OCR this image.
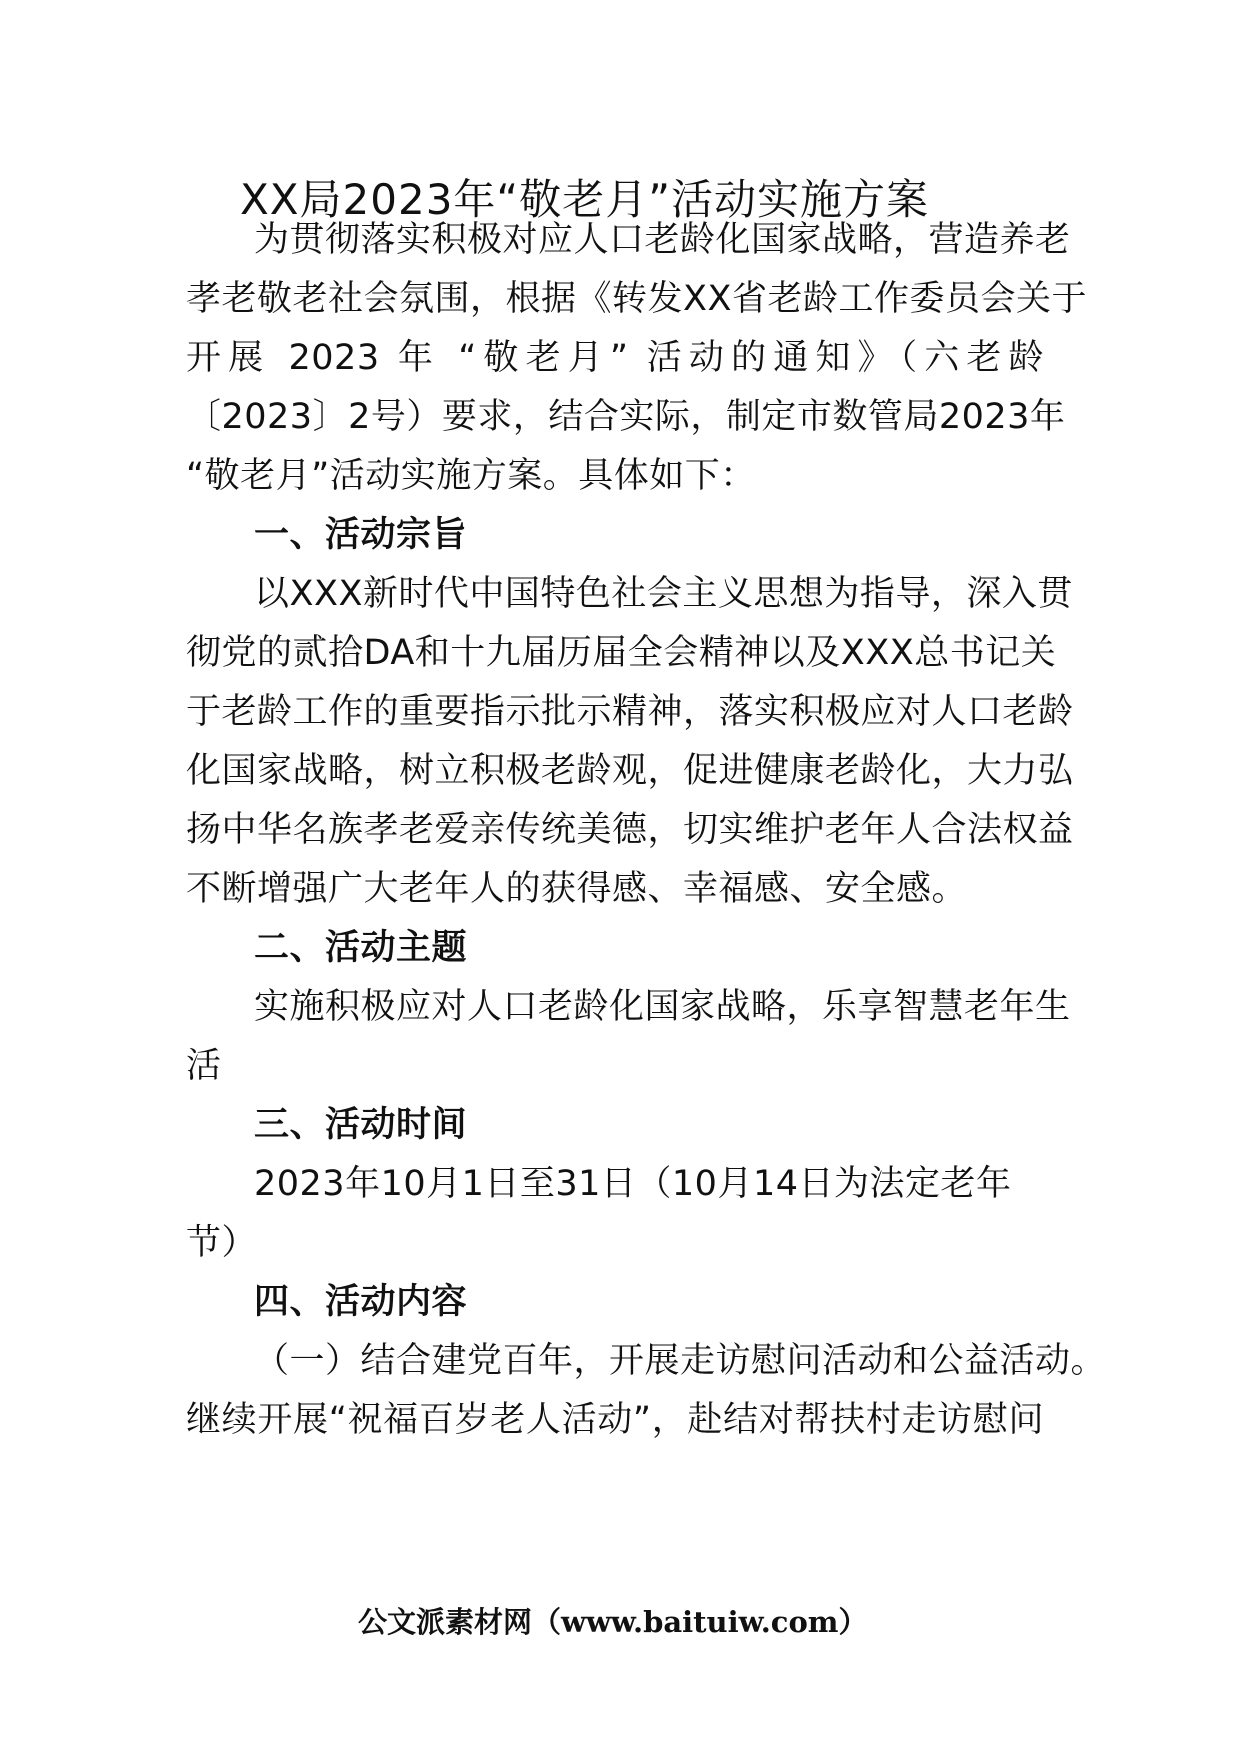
XX局2023年“敬老月”活动实施方案
为贯彻落实积极对应人口老龄化国家战略，营造养老
孝老敬老社会氛围，根据《转发XX省老龄工作委员会关于
开展 2023 年 “敬老月” 活动的通知》（六老龄
〔2023〕2号）要求，结合实际，制定市数管局2023年
“敬老月”活动实施方案。具体如下：
一、活动宗旨
以XXX新时代中国特色社会主义思想为指导，深入贯
彻党的贰拾DA和十九届历届全会精神以及XXX总书记关
于老龄工作的重要指示批示精神，落实积极应对人口老龄
化国家战略，树立积极老龄观，促进健康老龄化，大力弘
扬中华名族孝老爱亲传统美德，切实维护老年人合法权益
不断增强广大老年人的获得感、幸福感、安全感。
二、活动主题
实施积极应对人口老龄化国家战略，乐享智慧老年生
活
三、活动时间
2023年10月1日至31日（10月14日为法定老年
节）
四、活动内容
（一）结合建党百年，开展走访慰问活动和公益活动。
继续开展“祝福百岁老人活动”，赴结对帮扶村走访慰问
公文派素材网（www.baituiw.com）
